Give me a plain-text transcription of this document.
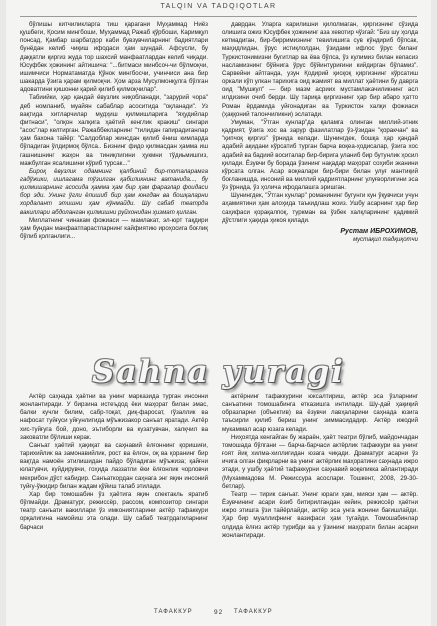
TALQIN VA TADQIQOTLAR

бўлишы китчиликларга тиш қарагани Муҳаммад Ниёз қушбеги, Қосим мингбоши, Муҳаммад Ражаб қўрбоши, Каримқул понсад, Қамбар шарбатдор каби бувзувчиларнинг бадиятлари бунёдан келиб чиқиш ифодаси ҳам шундай. Афсусли, бу даққатли қиргиз жуда тор шахсий манфаатлардан келиб чиқади. Юсуфбек ҳожининг айтишича: "...битмаси минбсоч-чи бўлмоқчи, ишимчиси Норматаматда Қўнок мингбосчи, учинчиси ана бир шакарда ўзига қарам қилмоқчи. Ҳом арза Мусулмонқулга бўлган адоватгини қишонни қарий қилиб қилмоқчилар".

Табиийки, ҳар қандай ёвузлик ниқобланади, "зарурий чора" деб номланиб, муайян сабаблар асоситида "оқланади". Уз вақтида хитларчилар мудҳиш қилмишларига "яҳудийлар фитнаси", "олқон халқига ҳаётий кенглик кракиш" сингари "асос"лар келтирган. Ражаббекларнинг "тилидан гапирадиганлар ҳам бахона тайёр: "Салдоблар жинсдан қилиб ёниш кимларда бўладиган ўлдирмоқ бўлса.. Бизнинг фидо қилмасдан ҳамма иш гашнишнинг жаҳон ва тиниқлигини ҳукмни тўдиьмишгиз, мажбулган ясалишини кўриб турсак..."

Бироқ ёвузлик одамнинг қалбиний бир-тоталарамга гадўжики, ишлагама тўзилган қабиликнинг ватанида..., бу қилмишарнинг асосида ҳамма ҳам бир ҳам фаразлар фоидаси бор эди. Унинг ўгли ёпишиб бир ҳам юнгдан ва бошқаларни хордалант этишни ҳам кўнмайди. Шу сабаб театрда вакиллари абдоланган қилмишни руйхонидан ҳизмат қилган.

Миллатнинг чинакам фожиаси — мамлакат, эл-юрт тақдири ҳам бундан манфаатпарастларнинг кайфиятию ироҳосига боғлиқ бўлиб қолганлиги...

даврдан. Уларга карилишни қилолмаган, қиргизнинг сўзида олишига ожиз Юсуфбек ҳожининг аза хевотир чўзгай: "Биз шу ҳолда кетмадиган, бир-бирримизнинг тевилишига сув кўндириб бўлсак, маҳидлидан, ўрус истиқлолдан, ўзидами ифлос ўрус биланг Туркистонимизни бугитлар ва ёва бўлса, ўз кулимиз билан келасиз насламизнинг бўйнига ўрус бўйинтуриғини кийдирган бўламиз". Сарвейни айтганда, узун Қодирий қисқоқ қиргизнинг кўрсатиш оркали кўп улкан тарихига оид жамият ва миллат ҳаётини бу даврга оид "Мушкул" — бир мазм асриих мустамлакачиликнинг асл илдизини очиб берди. Шу тариқа қиргизнинг ҳар бир абаро ҳатто Роман ёрдамида уйғонадиган ва Туркистон халқи фожиаси (ҳаққоний талончиликни) эслатади.

Умуман, "Ўтган кунлар"да қаламга олинган миллий-этник қадрият, ўзига хос ва зарур фазилатлар ўз-ўзидан "қоракчан" ва "қипчоқ қиргиз" ўрнида келади. Шунингдек, бошқа ҳар қандай адабий ақидани кўрсатиб турган барча воқеа-ҳодисалар, ўзига хос адабий ва бадиий воситалар бир-бирига уланиб бир бутунлик ҳосил қилади. Ёзувчи бу борада ўзининг нақадар маҳорат соҳиби эканини кўрсата олган. Асар воқеалари бир-бири билан улуғ мантиқий боғланишда, инсоний ва миллий қадриятларнинг улуғворлигини эса ўз ўрнида, ўз ҳолича ифодалашга эришган.

Шунингдек, "Ўтган кунлар" романининг бугунги кун ўқувчиси учун аҳамиятини ҳам алоҳида таъкидлаш жоиз. Ушбу асарнинг ҳар бир саҳифаси қорақалпоқ, туркман ва ўзбек халқларининг қадимий дўстлиги ҳақида ҳикоя қилади.

Рустам ИБРОХИМОВ,
мустақил тадқиқотчи
Sahna yuragi

Актёр саҳнада ҳаётни ва унинг марказида турган инсонни жонлантиради. У бирзина истеъдод ёки маҳорат билан эмас, балки кучли билим, сабр-тоқат, диқ-фаросат, гўзаллик ва нафосат туйғуси уйғунлигида мўъжизакор санъат яратади. Актёр хис-туйғуга бой, донo, эътиборли ва кузатувчан, халқчил ва заковатли бўлиши керак.

Санъат ҳаётий ҳақиқат ва саҳнавий ёлғоннинг қоришиғи, тарихийлик ва замонавийлик, рост ва ёлғон, оқ ва қоранинг бир вақтда намоён этилишидан пайдо бўладиган мўъжиза; қайғни юлатувчи, куйдирувчи, гоҳида лаззатли ёки ёлғонлик чорловчи мехрибон дўст кабидир. Санъаткордан саҳнага энг яқин инсоний туйғу-ўжидир билан жадам қўйиш талаб этилади.

Хар бир томошабин ўз ҳаётига яқин спектакль яратиб бўлмайди. Драматург, режиссёр, рассом, композитор сингари театр санъати вакиллари ўз имкониятларини актёр тафаккури орқалигина намойиш эта олади. Шу сабаб театрдагиларнинг барчаси

актёрнинг тафаккурини юксалтириш, актёр эса ўзларнинг санъатини томошабинга етказишга интилади. Шу-дай ҳақиқий образларни (объектив) ва ёзувчи лавҳаларини саҳнада юзига таъсирли қилиб бериш унинг зиммасидадир. Актёр ижодий мукаммал асар юзага келади.

Ниҳоятда кенгайган бу жараён, ҳаёт театри бўлиб, майдончадан томошада бўлгани — барча-барчаси актёрлик тафаккури ва унинг ғоят йиқ хилма-хиллигидан юзага чиқади. Драматург асарни ўз ичига олган фикрларни ва унинг актёрлик маҳоратини саҳнада ижро этади, у ушбу ҳаётий тафаккурни саҳнавий воқеликка айлантиради (Мухаммадова М. Режиссура асослари. Тошкент, 2008, 29-30-бетлар).

Театр — тирик санъат. Унинг юраги ҳам, мияси ҳам — актёр. Ёзувчининг асари ёзиб битирилгандан кейин, режиссёр ҳаётни ижро этишга ўзи тайёрлайди, актёр эса унга жонини бағишлайди. Ҳар бир муаллифнинг вазифаси ҳам тугайди. Томошабинлар олдида ёлғиз актёр турибди ва у ўзининг маҳорати билан асарни жонлантиради.

ТАФАККУР	92 ТАФАККУР
